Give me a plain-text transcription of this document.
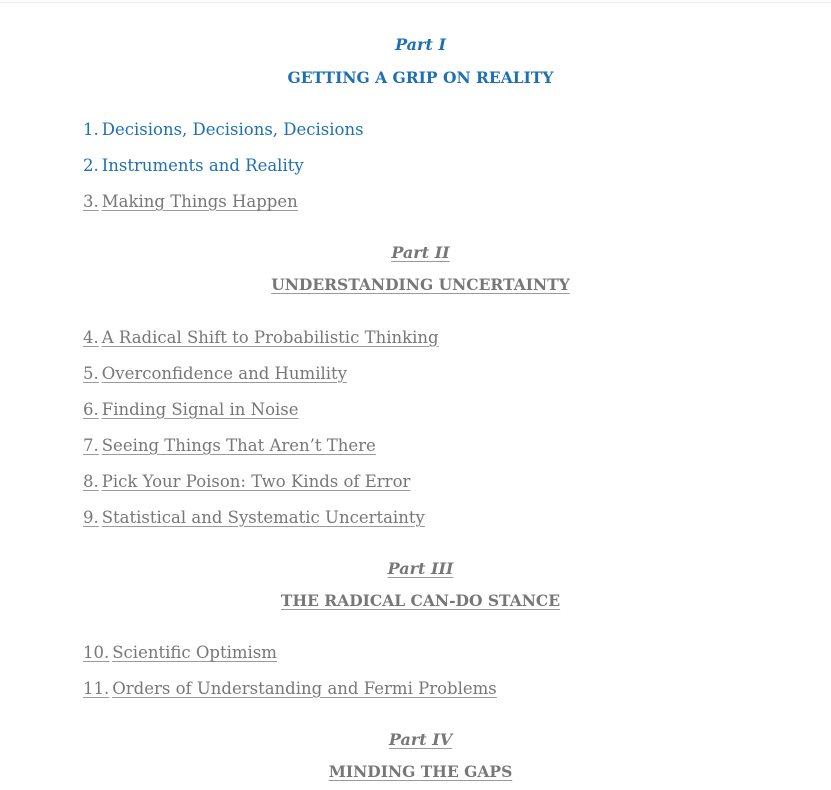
Part I
GETTING A GRIP ON REALITY
1. Decisions, Decisions, Decisions
2. Instruments and Reality
3. Making Things Happen
Part II
UNDERSTANDING UNCERTAINTY
4. A Radical Shift to Probabilistic Thinking
5. Overconfidence and Humility
6. Finding Signal in Noise
7. Seeing Things That Aren’t There
8. Pick Your Poison: Two Kinds of Error
9. Statistical and Systematic Uncertainty
Part III
THE RADICAL CAN-DO STANCE
10. Scientific Optimism
11. Orders of Understanding and Fermi Problems
Part IV
MINDING THE GAPS
